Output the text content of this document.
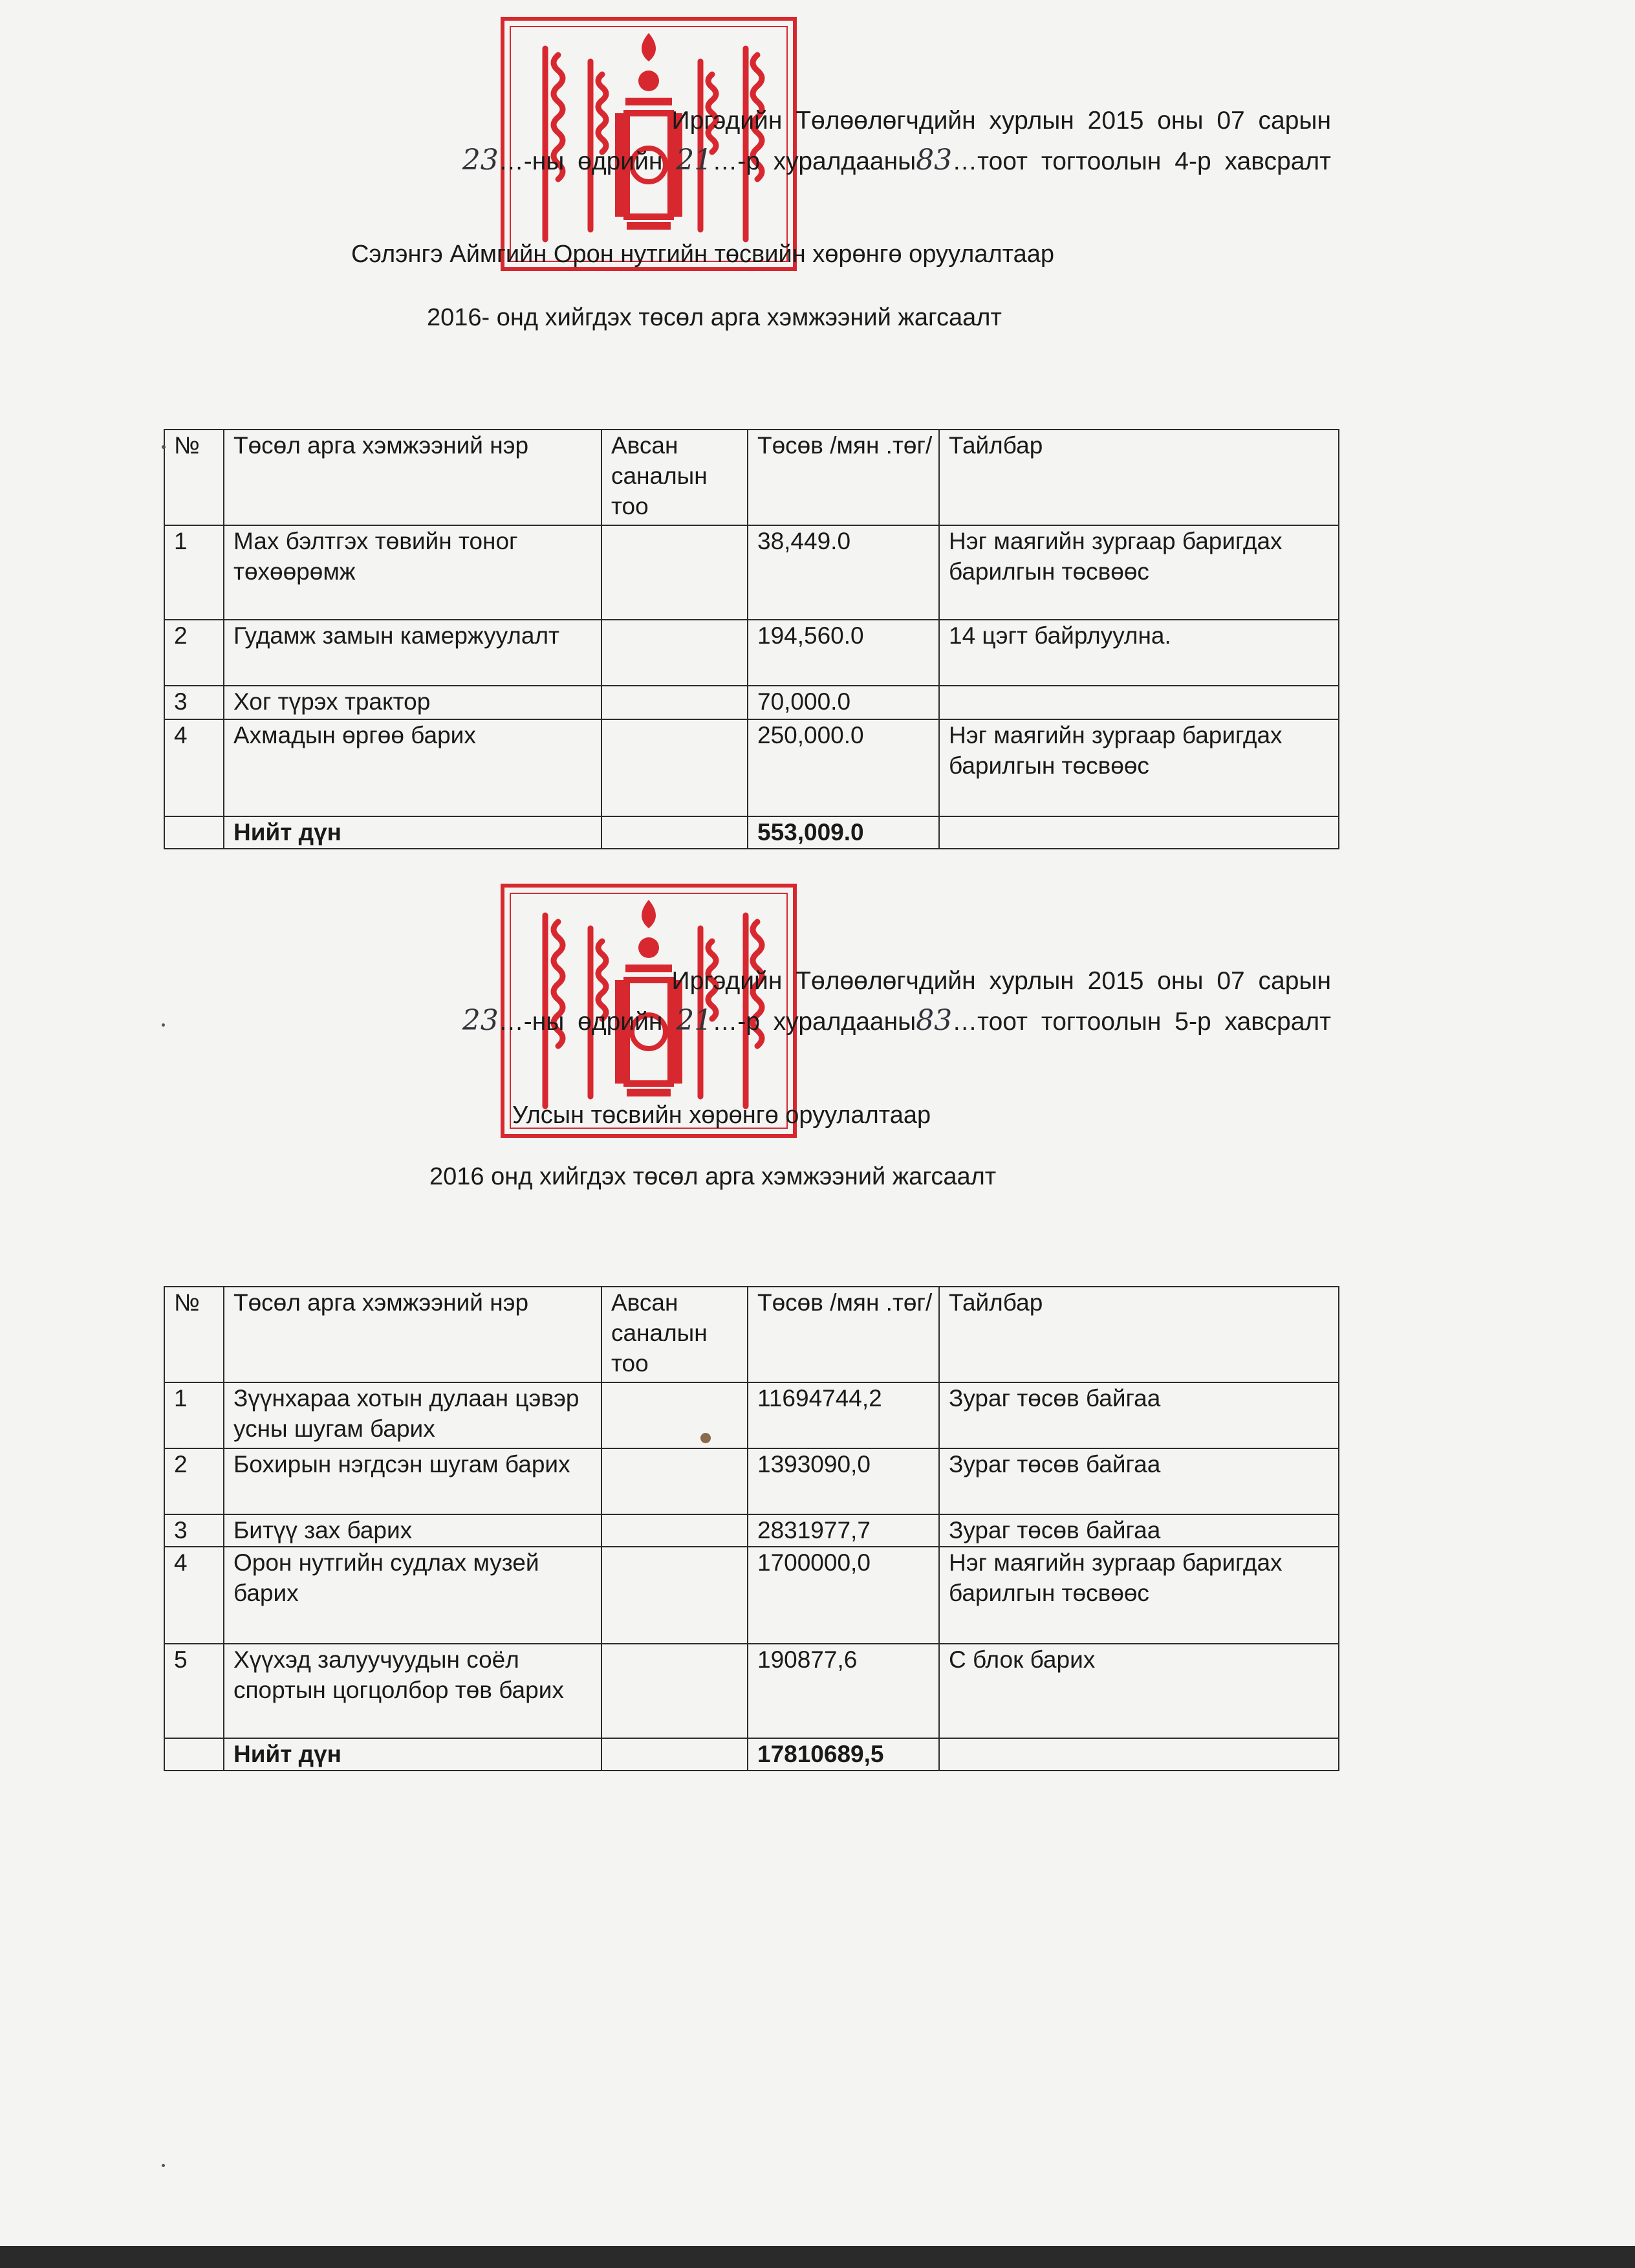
Иргэдийн Төлөөлөгчдийн хурлын 2015 оны 07 сарын
23…-ны өдрийн 21…-р хуралдааны83…тоот тогтоолын 4-р хавсралт
Сэлэнгэ Аймгийн Орон нутгийн төсвийн хөрөнгө оруулалтаар
2016- онд хийгдэх төсөл арга хэмжээний жагсаалт
№	Төсөл арга хэмжээний нэр	Авсан саналын тоо	Төсөв /мян .төг/	Тайлбар
1	Мах бэлтгэх төвийн тоног төхөөрөмж		38,449.0	Нэг маягийн зургаар баригдах барилгын төсвөөс
2	Гудамж замын камержуулалт		194,560.0	14 цэгт байрлуулна.
3	Хог түрэх трактор		70,000.0	
4	Ахмадын өргөө барих		250,000.0	Нэг маягийн зургаар баригдах барилгын төсвөөс
	Нийт дүн		553,009.0	
Иргэдийн Төлөөлөгчдийн хурлын 2015 оны 07 сарын
23…-ны өдрийн 21…-р хуралдааны83…тоот тогтоолын 5-р хавсралт
Улсын төсвийн хөрөнгө оруулалтаар
2016 онд хийгдэх төсөл арга хэмжээний жагсаалт
№	Төсөл арга хэмжээний нэр	Авсан саналын тоо	Төсөв /мян .төг/	Тайлбар
1	Зүүнхараа хотын дулаан цэвэр усны шугам барих		11694744,2	Зураг төсөв байгаа
2	Бохирын нэгдсэн шугам барих		1393090,0	Зураг төсөв байгаа
3	Битүү зах барих		2831977,7	Зураг төсөв байгаа
4	Орон нутгийн судлах музей барих		1700000,0	Нэг маягийн зургаар баригдах барилгын төсвөөс
5	Хүүхэд залуучуудын соёл спортын цогцолбор төв барих		190877,6	С блок барих
	Нийт дүн		17810689,5	
